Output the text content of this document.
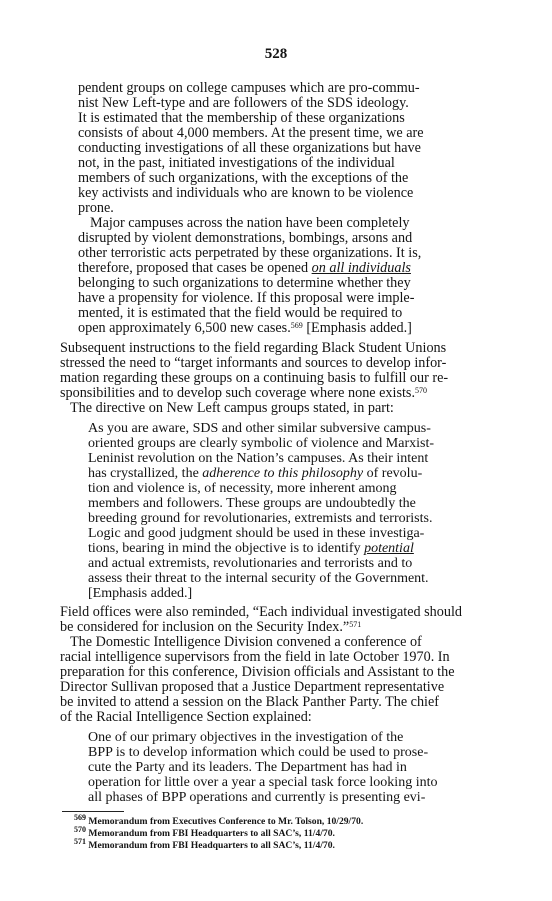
528
pendent groups on college campuses which are pro-commu-
nist New Left-type and are followers of the SDS ideology.
It is estimated that the membership of these organizations
consists of about 4,000 members. At the present time, we are
conducting investigations of all these organizations but have
not, in the past, initiated investigations of the individual
members of such organizations, with the exceptions of the
key activists and individuals who are known to be violence
prone.
Major campuses across the nation have been completely
disrupted by violent demonstrations, bombings, arsons and
other terroristic acts perpetrated by these organizations. It is,
therefore, proposed that cases be opened on all individuals
belonging to such organizations to determine whether they
have a propensity for violence. If this proposal were imple-
mented, it is estimated that the field would be required to
open approximately 6,500 new cases.$^{569}$ [Emphasis added.]
Subsequent instructions to the field regarding Black Student Unions
stressed the need to “target informants and sources to develop infor-
mation regarding these groups on a continuing basis to fulfill our re-
sponsibilities and to develop such coverage where none exists.$^{570}$
The directive on New Left campus groups stated, in part:
As you are aware, SDS and other similar subversive campus-
oriented groups are clearly symbolic of violence and Marxist-
Leninist revolution on the Nation’s campuses. As their intent
has crystallized, the adherence to this philosophy of revolu-
tion and violence is, of necessity, more inherent among
members and followers. These groups are undoubtedly the
breeding ground for revolutionaries, extremists and terrorists.
Logic and good judgment should be used in these investiga-
tions, bearing in mind the objective is to identify potential
and actual extremists, revolutionaries and terrorists and to
assess their threat to the internal security of the Government.
[Emphasis added.]
Field offices were also reminded, “Each individual investigated should
be considered for inclusion on the Security Index.”$^{571}$
The Domestic Intelligence Division convened a conference of
racial intelligence supervisors from the field in late October 1970. In
preparation for this conference, Division officials and Assistant to the
Director Sullivan proposed that a Justice Department representative
be invited to attend a session on the Black Panther Party. The chief
of the Racial Intelligence Section explained:
One of our primary objectives in the investigation of the
BPP is to develop information which could be used to prose-
cute the Party and its leaders. The Department has had in
operation for little over a year a special task force looking into
all phases of BPP operations and currently is presenting evi-
$^{569}$ Memorandum from Executives Conference to Mr. Tolson, 10/29/70.
$^{570}$ Memorandum from FBI Headquarters to all SAC’s, 11/4/70.
$^{571}$ Memorandum from FBI Headquarters to all SAC’s, 11/4/70.
